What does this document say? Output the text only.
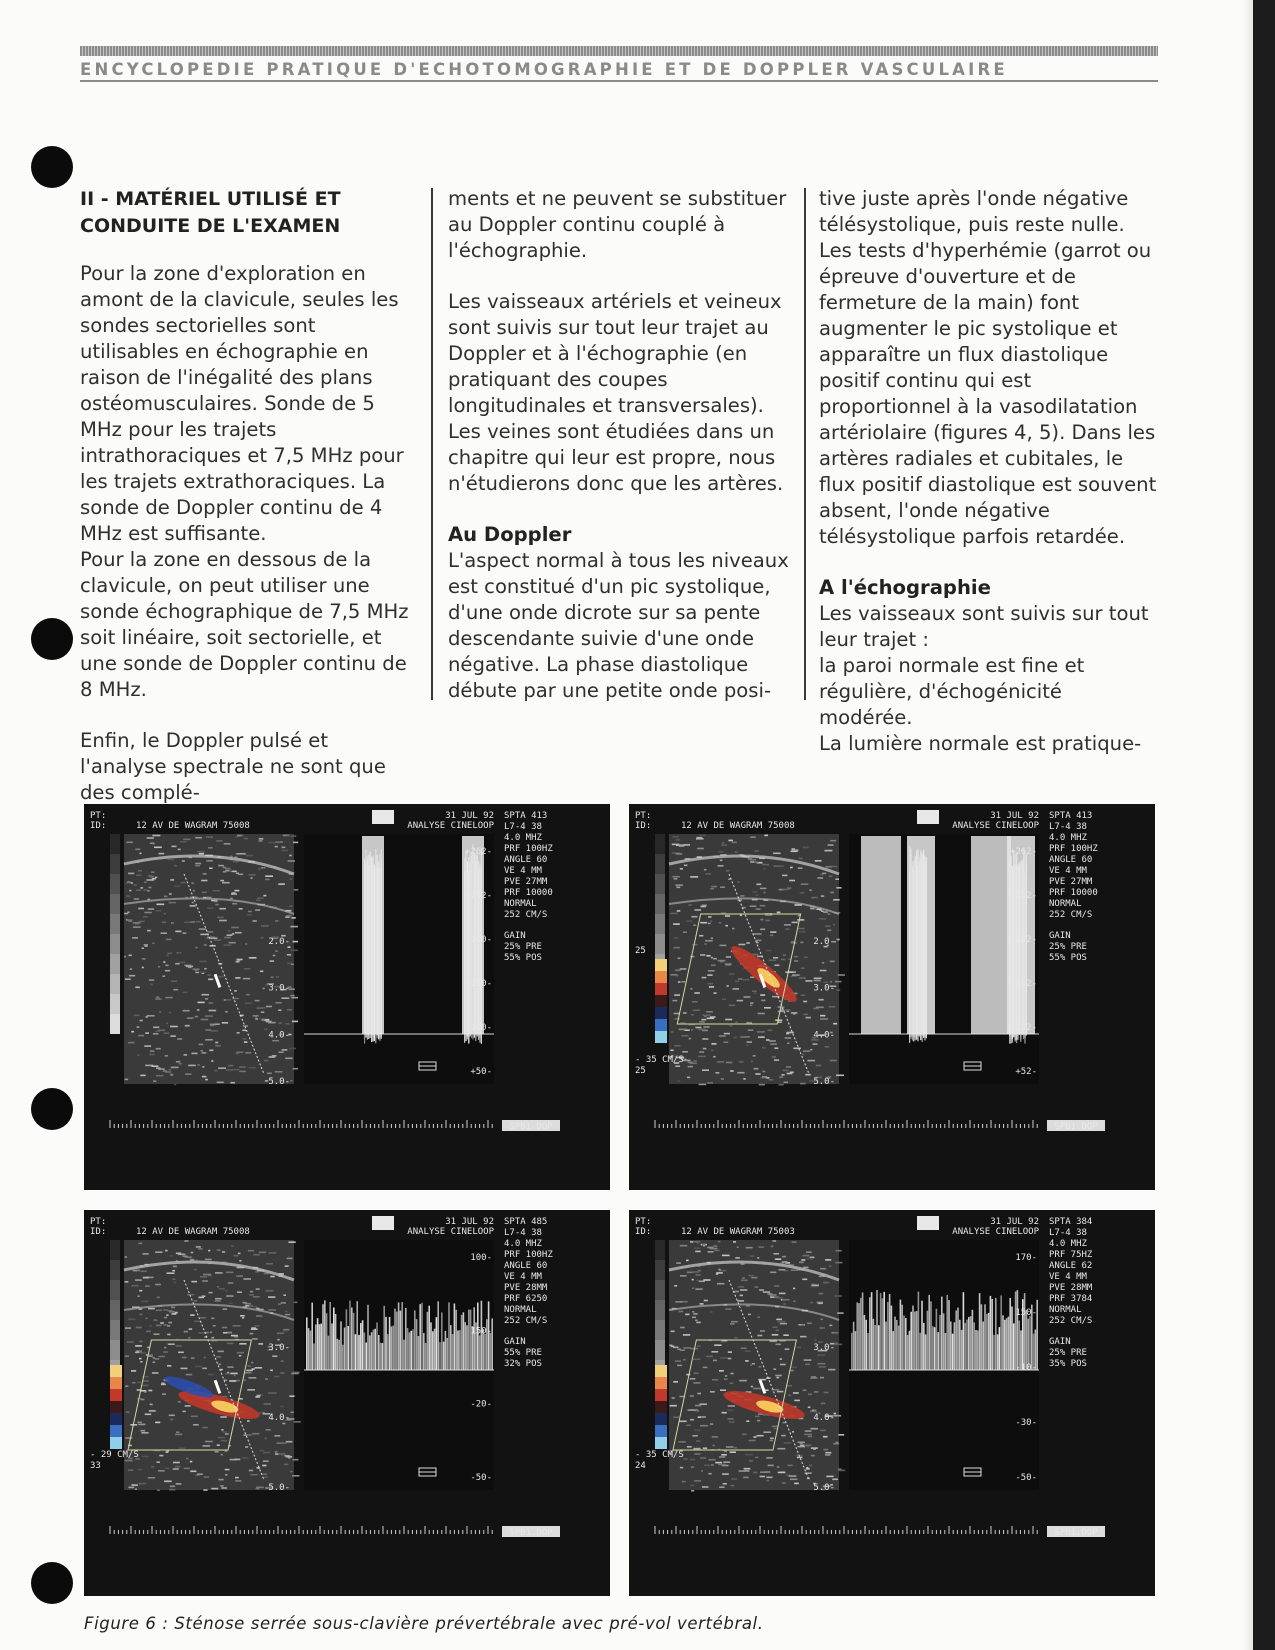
ENCYCLOPEDIE PRATIQUE D'ECHOTOMOGRAPHIE ET DE DOPPLER VASCULAIRE

II - MATÉRIEL UTILISÉ ET CONDUITE DE L'EXAMEN

Pour la zone d'exploration en amont de la clavicule, seules les sondes sectorielles sont utilisables en échographie en raison de l'inégalité des plans ostéomusculaires. Sonde de 5 MHz pour les trajets intrathoraciques et 7,5 MHz pour les trajets extrathoraciques. La sonde de Doppler continu de 4 MHz est suffisante.

Pour la zone en dessous de la clavicule, on peut utiliser une sonde échographique de 7,5 MHz soit linéaire, soit sectorielle, et une sonde de Doppler continu de 8 MHz.

Enfin, le Doppler pulsé et l'analyse spectrale ne sont que des complé-

ments et ne peuvent se substituer au Doppler continu couplé à l'échographie.

Les vaisseaux artériels et veineux sont suivis sur tout leur trajet au Doppler et à l'échographie (en pratiquant des coupes longitudinales et transversales).

Les veines sont étudiées dans un chapitre qui leur est propre, nous n'étudierons donc que les artères.

Au Doppler

L'aspect normal à tous les niveaux est constitué d'un pic systolique, d'une onde dicrote sur sa pente descendante suivie d'une onde négative. La phase diastolique débute par une petite onde posi-

tive juste après l'onde négative télésystolique, puis reste nulle. Les tests d'hyperhémie (garrot ou épreuve d'ouverture et de fermeture de la main) font augmenter le pic systolique et apparaître un flux diastolique positif continu qui est proportionnel à la vasodilatation artériolaire (figures 4, 5). Dans les artères radiales et cubitales, le flux positif diastolique est souvent absent, l'onde négative télésystolique parfois retardée.

A l'échographie

Les vaisseaux sont suivis sur tout leur trajet :

la paroi normale est fine et régulière, d'échogénicité modérée.

La lumière normale est pratique-

2.0-
3.0-
4.0-
5.0-
+262-
+252-
+200-
+150-
+100-
+50-
PT:
ID:	12 AV DE WAGRAM 75008
ATL	31 JUL 92
ANALYSE CINELOOP
SPTA 413
L7-4 38
4.0 MHZ
PRF 100HZ
ANGLE 60
VE 4 MM
PVE 27MM
PRF 10000
NORMAL
252 CM/S
GAIN
25% PRE
55% POS
SPB1.DOP
2.0-
3.0-
4.0-
5.0-
+262-
+252-
+202-
+152-
+102-
+52-
PT:
ID:	12 AV DE WAGRAM 75008
ATL	31 JUL 92
ANALYSE CINELOOP
SPTA 413
L7-4 38
4.0 MHZ
PRF 100HZ
ANGLE 60
VE 4 MM
PVE 27MM
PRF 10000
NORMAL
252 CM/S
GAIN
25% PRE
55% POS
25
- 35 CM/S
25
SPB1.DOP
3.0-
4.0-
5.0-
100-
150-
-20-
-50-
PT:
ID:	12 AV DE WAGRAM 75008
ATL	31 JUL 92
ANALYSE CINELOOP
SPTA 485
L7-4 38
4.0 MHZ
PRF 100HZ
ANGLE 60
VE 4 MM
PVE 28MM
PRF 6250
NORMAL
252 CM/S
GAIN
55% PRE
32% POS
- 29 CM/S
33
SPB1.DOP
3.0-
4.0-
5.0-
170-
150-
-10-
-30-
-50-
PT:
ID:	12 AV DE WAGRAM 75003
ATL	31 JUL 92
ANALYSE CINELOOP
SPTA 384
L7-4 38
4.0 MHZ
PRF 75HZ
ANGLE 62
VE 4 MM
PVE 28MM
PRF 3784
NORMAL
252 CM/S
GAIN
25% PRE
35% POS
- 35 CM/S
24
SPB1.DOP
Figure 6 : Sténose serrée sous-clavière prévertébrale avec pré-vol vertébral.
